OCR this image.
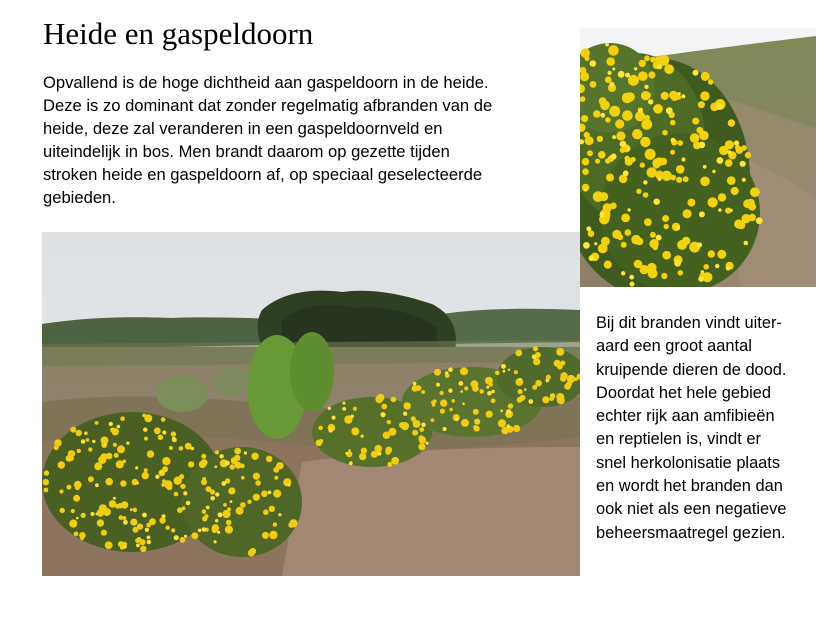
Heide en gaspeldoorn

Opvallend is de hoge dichtheid aan gaspeldoorn in de heide.
Deze is zo dominant dat zonder regelmatig afbranden van de
heide, deze zal veranderen in een gaspeldoornveld en
uiteindelijk in bos. Men brandt daarom op gezette tijden
stroken heide en gaspeldoorn af, op speciaal geselecteerde
gebieden.

Bij dit branden vindt uiter-
aard een groot aantal
kruipende dieren de dood.
Doordat het hele gebied
echter rijk aan amfibieën
en reptielen is, vindt er
snel herkolonisatie plaats
en wordt het branden dan
ook niet als een negatieve
beheersmaatregel gezien.
